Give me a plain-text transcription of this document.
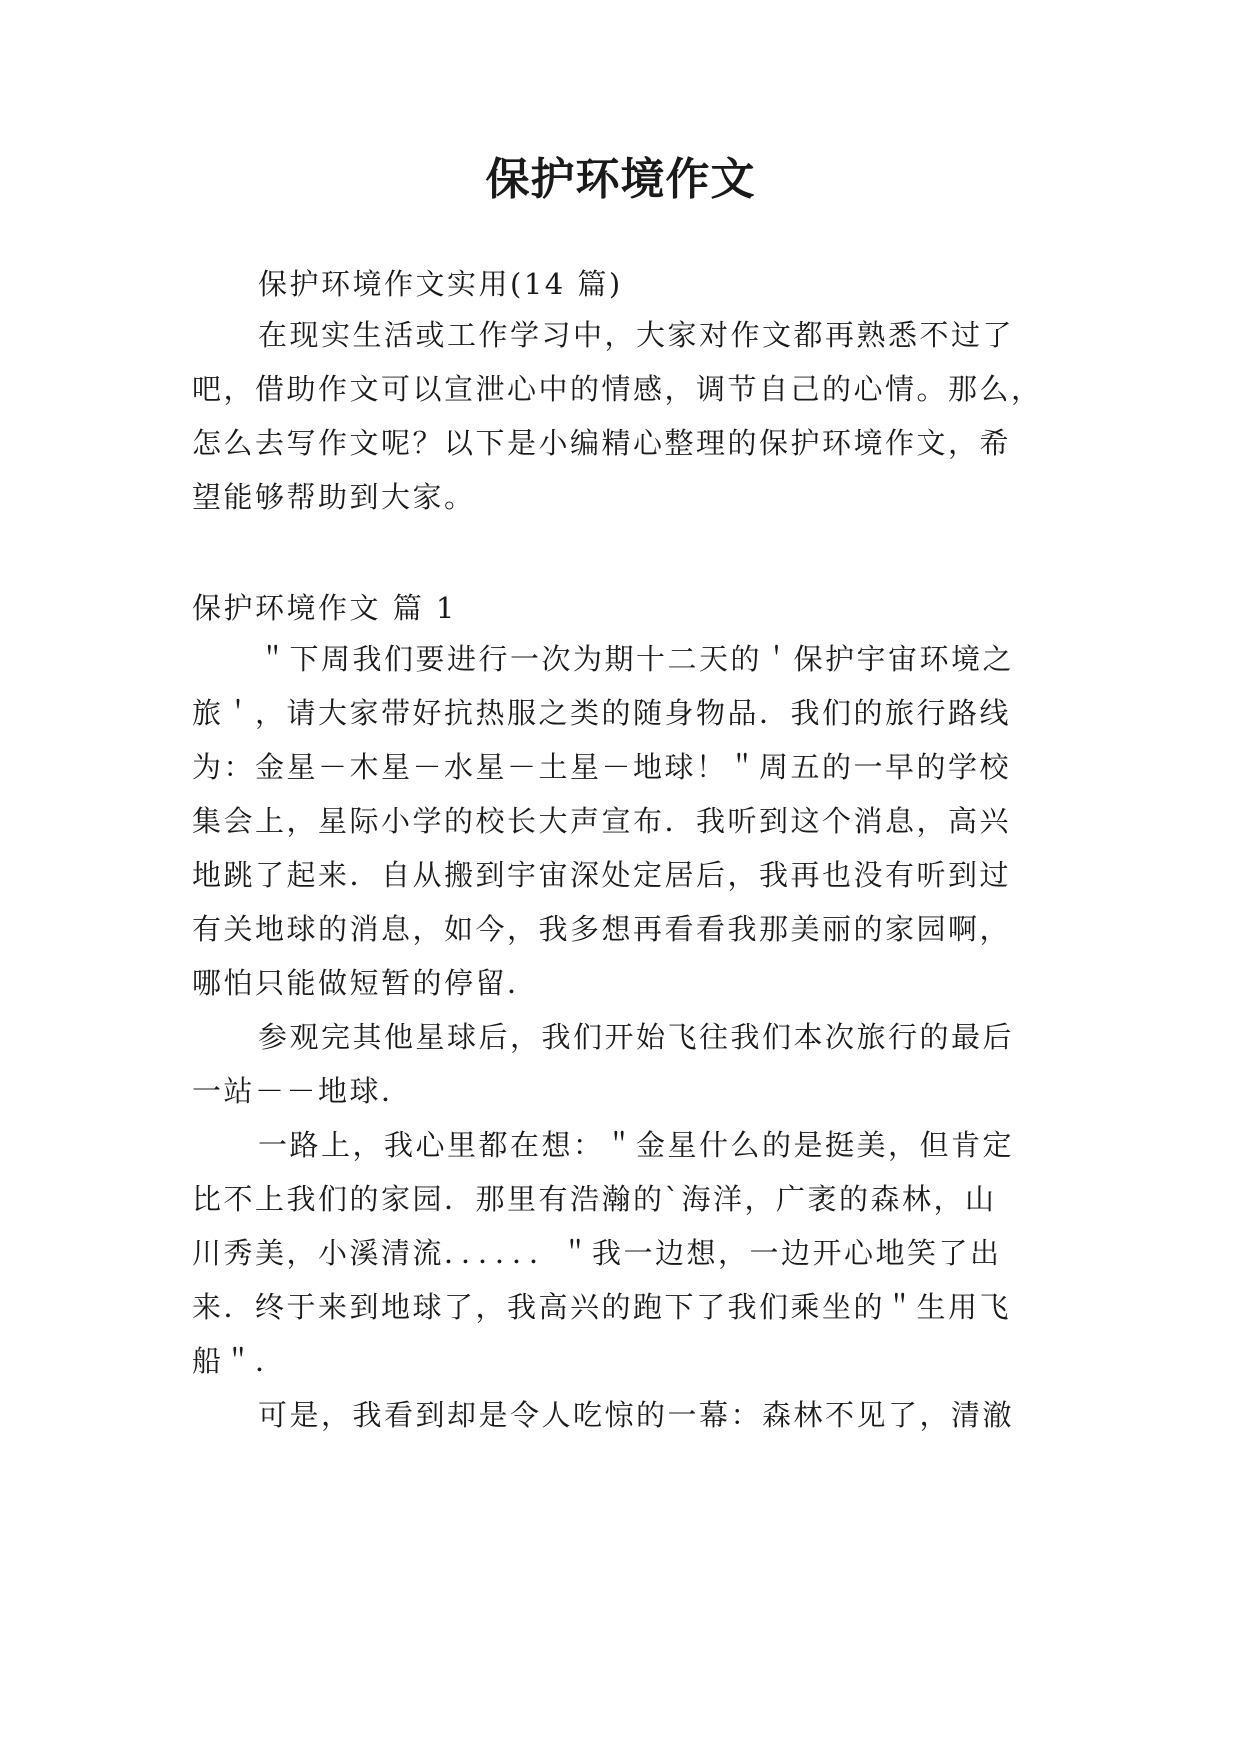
保护环境作文
保护环境作文实用(14 篇)
在现实生活或工作学习中，大家对作文都再熟悉不过了
吧，借助作文可以宣泄心中的情感，调节自己的心情。那么，
怎么去写作文呢？以下是小编精心整理的保护环境作文，希
望能够帮助到大家。
保护环境作文 篇 1
＂下周我们要进行一次为期十二天的＇保护宇宙环境之
旅＇，请大家带好抗热服之类的随身物品．我们的旅行路线
为：金星－木星－水星－土星－地球！＂周五的一早的学校
集会上，星际小学的校长大声宣布．我听到这个消息，高兴
地跳了起来．自从搬到宇宙深处定居后，我再也没有听到过
有关地球的消息，如今，我多想再看看我那美丽的家园啊，
哪怕只能做短暂的停留．
参观完其他星球后，我们开始飞往我们本次旅行的最后
一站－－地球．
一路上，我心里都在想：＂金星什么的是挺美，但肯定
比不上我们的家园．那里有浩瀚的`海洋，广袤的森林，山
川秀美，小溪清流．．．．．．＂我一边想，一边开心地笑了出
来．终于来到地球了，我高兴的跑下了我们乘坐的＂生用飞
船＂．
可是，我看到却是令人吃惊的一幕：森林不见了，清澈
